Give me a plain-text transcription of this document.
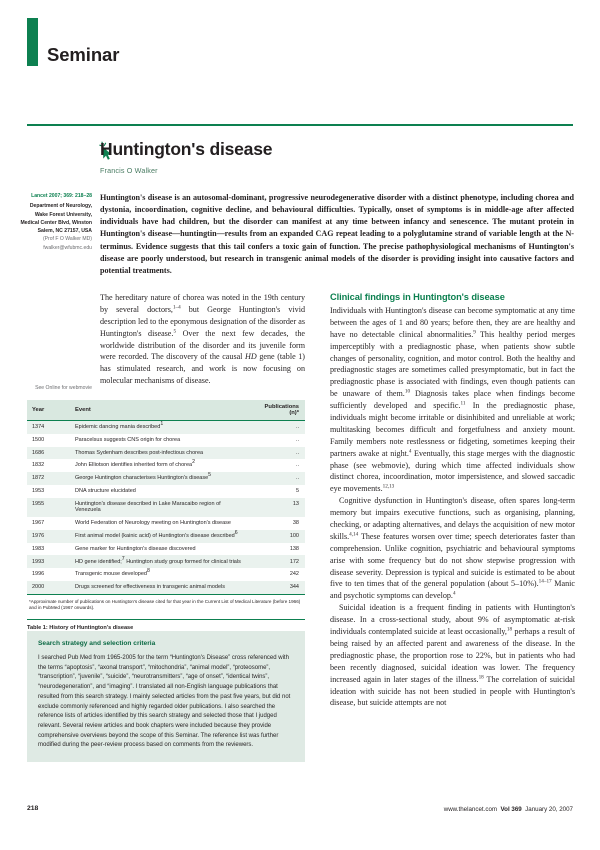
Seminar
Huntington's disease
Francis O Walker
Lancet 2007; 369: 218–28
Department of Neurology,
Wake Forest University,
Medical Center Blvd, Winston
Salem, NC 27157, USA
(Prof F O Walker MD)
fwalker@wfubmc.edu
See Online for webmovie
Huntington's disease is an autosomal-dominant, progressive neurodegenerative disorder with a distinct phenotype, including chorea and dystonia, incoordination, cognitive decline, and behavioural difficulties. Typically, onset of symptoms is in middle-age after affected individuals have had children, but the disorder can manifest at any time between infancy and senescence. The mutant protein in Huntington's disease—huntingtin—results from an expanded CAG repeat leading to a polyglutamine strand of variable length at the N-terminus. Evidence suggests that this tail confers a toxic gain of function. The precise pathophysiological mechanisms of Huntington's disease are poorly understood, but research in transgenic animal models of the disorder is providing insight into causative factors and potential treatments.

The hereditary nature of chorea was noted in the 19th century by several doctors,$^{1-4}$ but George Huntington's vivid description led to the eponymous designation of the disorder as Huntington's disease.$^5$ Over the next few decades, the worldwide distribution of the disorder and its juvenile form were recorded. The discovery of the causal HD gene (table 1) has stimulated research, and work is now focusing on molecular mechanisms of disease.

Year	Event	Publications (n)*
1374	Epidemic dancing mania described$^1$	..
1500	Paracelsus suggests CNS origin for chorea	..
1686	Thomas Sydenham describes post-infectious chorea	..
1832	John Elliotson identifies inherited form of chorea$^2$	..
1872	George Huntington characterises Huntington's disease$^5$	..
1953	DNA structure elucidated	5
1955	Huntington's disease described in Lake Maracaibo region of Venezuela	13
1967	World Federation of Neurology meeting on Huntington's disease	38
1976	First animal model (kainic acid) of Huntington's disease described$^6$	100
1983	Gene marker for Huntington's disease discovered	138
1993	HD gene identified;$^7$ Huntington study group formed for clinical trials	172
1996	Transgenic mouse developed$^8$	242
2000	Drugs screened for effectiveness in transgenic animal models	344
*Approximate number of publications on Huntington's disease cited for that year in the Current List of Medical Literature (before 1966) and in PubMed (1967 onwards).
Table 1: History of Huntington's disease
Search strategy and selection criteria

I searched Pub Med from 1965-2005 for the term “Huntington's Disease” cross referenced with the terms “apoptosis”, “axonal transport”, “mitochondria”, “animal model”, “proteosome”, “transcription”, “juvenile”, “suicide”, “neurotransmitters”, “age of onset”, “identical twins”, “neurodegeneration”, and “imaging”. I translated all non-English language publications that resulted from this search strategy. I mainly selected articles from the past five years, but did not exclude commonly referenced and highly regarded older publications. I also searched the reference lists of articles identified by this search strategy and selected those that I judged relevant. Several review articles and book chapters were included because they provide comprehensive overviews beyond the scope of this Seminar. The reference list was further modified during the peer-review process based on comments from the reviewers.

Clinical findings in Huntington's disease

Individuals with Huntington's disease can become symptomatic at any time between the ages of 1 and 80 years; before then, they are are healthy and have no detectable clinical abnormalities.$^9$ This healthy period merges imperceptibly with a prediagnostic phase, when patients show subtle changes of personality, cognition, and motor control. Both the healthy and prediagnostic stages are sometimes called presymptomatic, but in fact the prediagnostic phase is associated with findings, even though patients can be unaware of them.$^{10}$ Diagnosis takes place when findings become sufficiently developed and specific.$^{11}$ In the prediagnostic phase, individuals might become irritable or disinhibited and unreliable at work; multitasking becomes difficult and forgetfulness and anxiety mount. Family members note restlessness or fidgeting, sometimes keeping their partners awake at night.$^4$ Eventually, this stage merges with the diagnostic phase (see webmovie), during which time affected individuals show distinct chorea, incoordination, motor impersistence, and slowed saccadic eye movements.$^{12,13}$

Cognitive dysfunction in Huntington's disease, often spares long-term memory but impairs executive functions, such as organising, planning, checking, or adapting alternatives, and delays the acquisition of new motor skills.$^{4,14}$ These features worsen over time; speech deteriorates faster than comprehension. Unlike cognition, psychiatric and behavioural symptoms arise with some frequency but do not show stepwise progression with disease severity. Depression is typical and suicide is estimated to be about five to ten times that of the general population (about 5–10%).$^{14-17}$ Manic and psychotic symptoms can develop.$^4$

Suicidal ideation is a frequent finding in patients with Huntington's disease. In a cross-sectional study, about 9% of asymptomatic at-risk individuals contemplated suicide at least occasionally,$^{18}$ perhaps a result of being raised by an affected parent and awareness of the disease. In the prediagnostic phase, the proportion rose to 22%, but in patients who had been recently diagnosed, suicidal ideation was lower. The frequency increased again in later stages of the illness.$^{18}$ The correlation of suicidal ideation with suicide has not been studied in people with Huntington's disease, but suicide attempts are not

218	www.thelancet.com Vol 369 January 20, 2007
